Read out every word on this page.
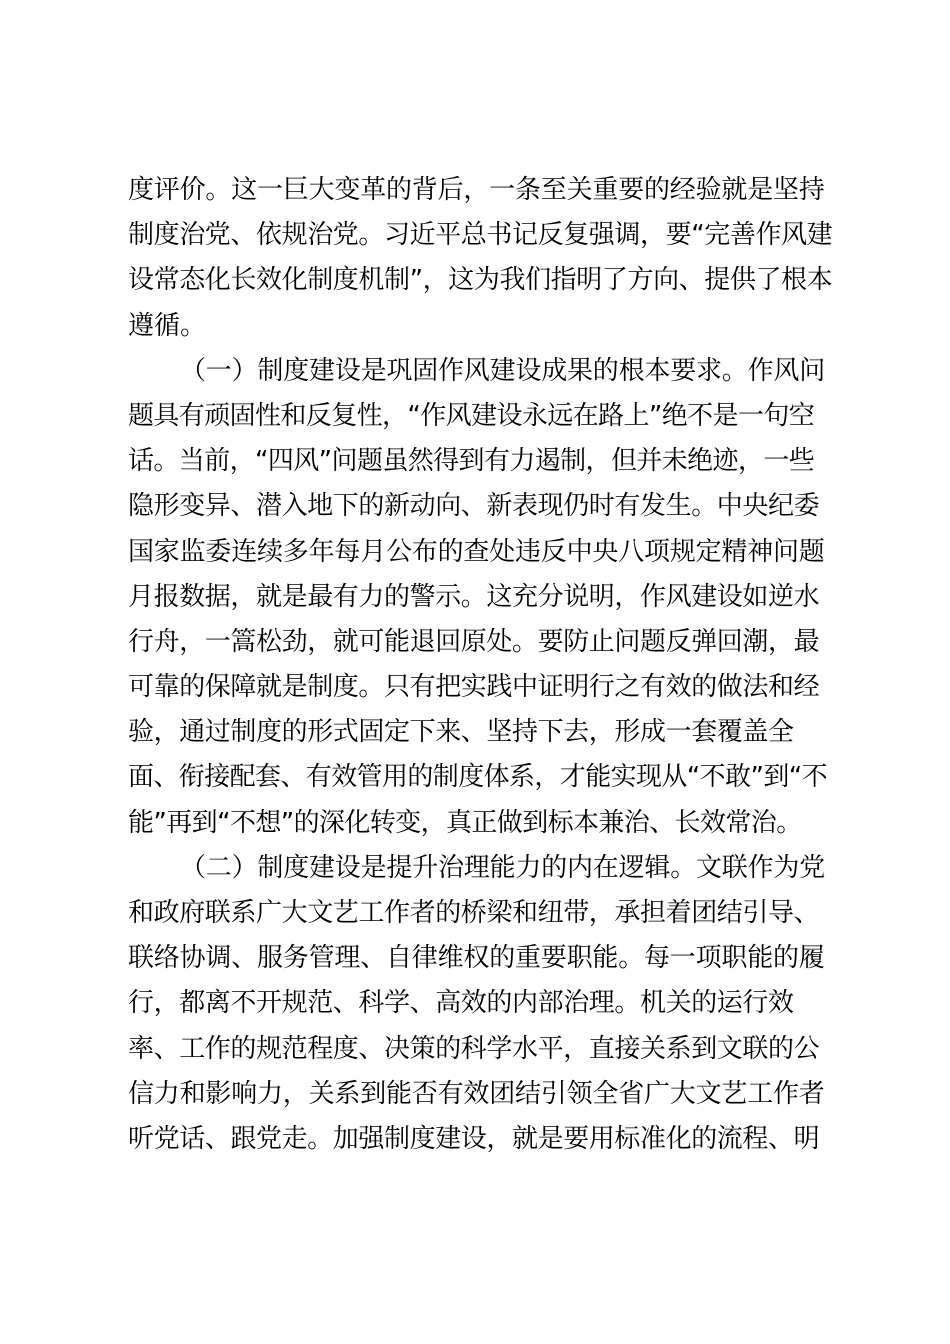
度评价。这一巨大变革的背后，一条至关重要的经验就是坚持
制度治党、依规治党。习近平总书记反复强调，要“完善作风建
设常态化长效化制度机制”，这为我们指明了方向、提供了根本
遵循。
（一）制度建设是巩固作风建设成果的根本要求。作风问
题具有顽固性和反复性，“作风建设永远在路上”绝不是一句空
话。当前，“四风”问题虽然得到有力遏制，但并未绝迹，一些
隐形变异、潜入地下的新动向、新表现仍时有发生。中央纪委
国家监委连续多年每月公布的查处违反中央八项规定精神问题
月报数据，就是最有力的警示。这充分说明，作风建设如逆水
行舟，一篙松劲，就可能退回原处。要防止问题反弹回潮，最
可靠的保障就是制度。只有把实践中证明行之有效的做法和经
验，通过制度的形式固定下来、坚持下去，形成一套覆盖全
面、衔接配套、有效管用的制度体系，才能实现从“不敢”到“不
能”再到“不想”的深化转变，真正做到标本兼治、长效常治。
（二）制度建设是提升治理能力的内在逻辑。文联作为党
和政府联系广大文艺工作者的桥梁和纽带，承担着团结引导、
联络协调、服务管理、自律维权的重要职能。每一项职能的履
行，都离不开规范、科学、高效的内部治理。机关的运行效
率、工作的规范程度、决策的科学水平，直接关系到文联的公
信力和影响力，关系到能否有效团结引领全省广大文艺工作者
听党话、跟党走。加强制度建设，就是要用标准化的流程、明
